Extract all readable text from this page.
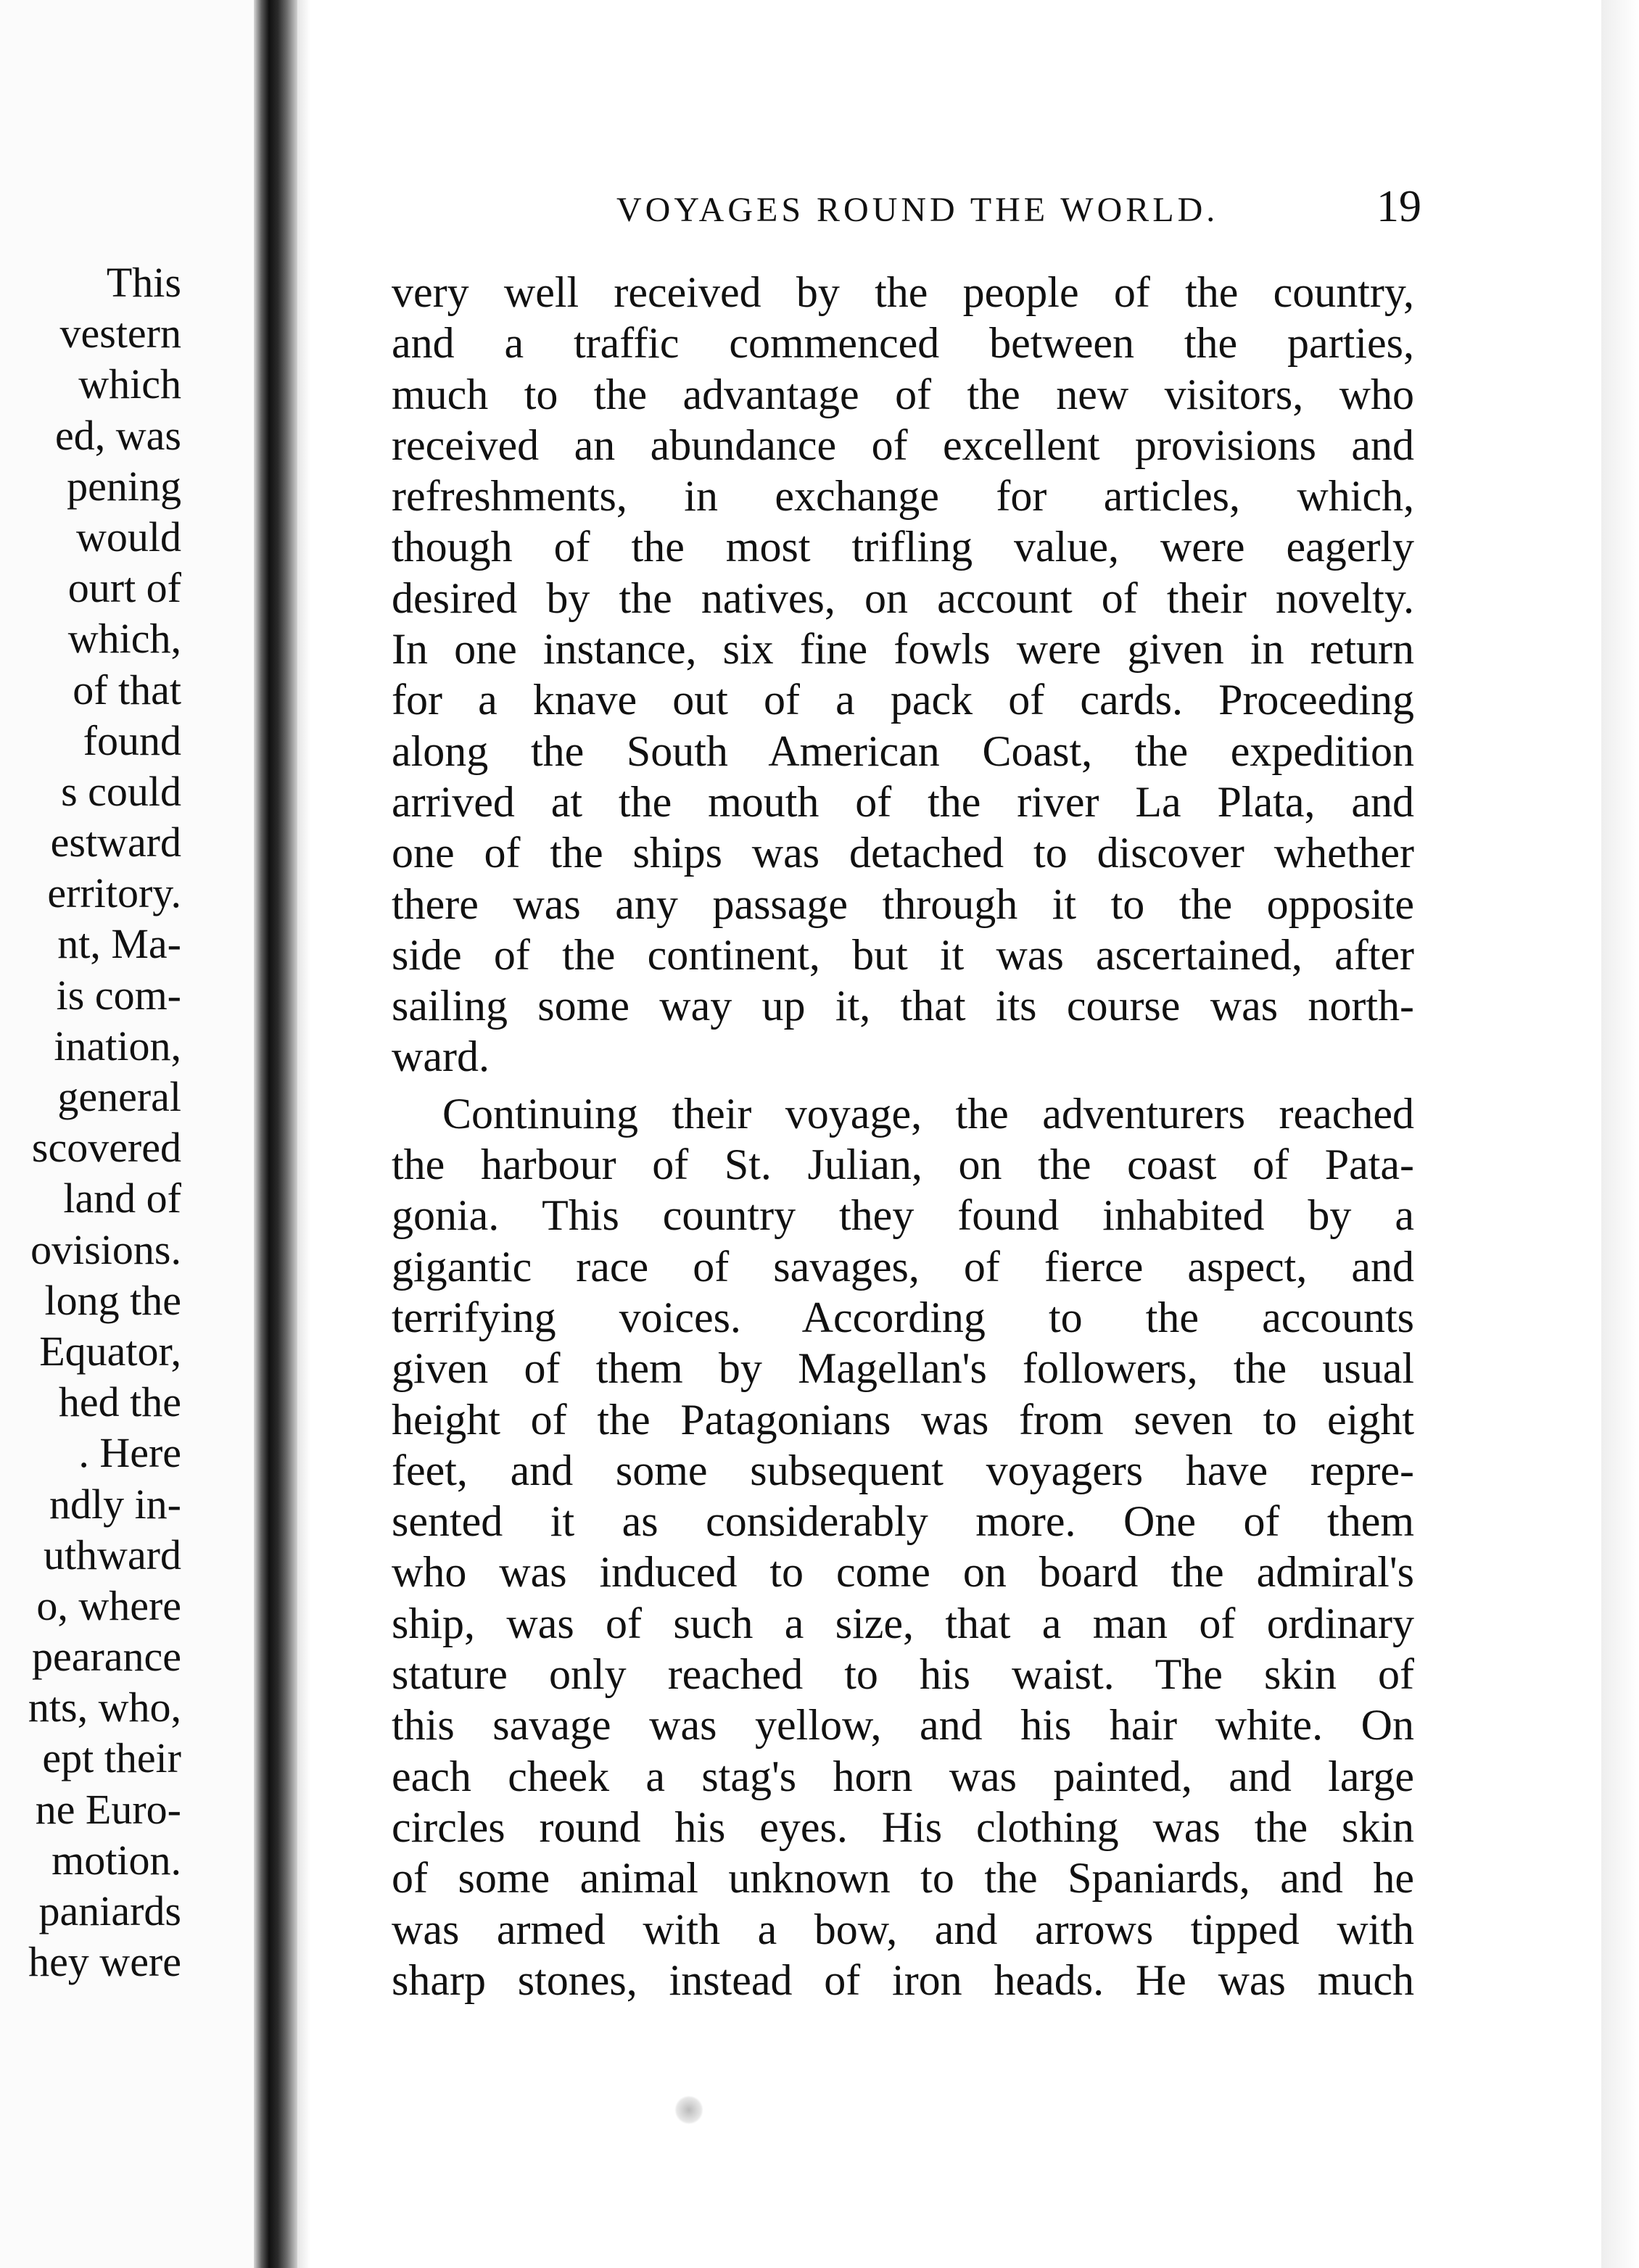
This
vestern
which
ed, was
pening
would
ourt of
which,
of that
found
s could
estward
erritory.
nt, Ma-
is com-
ination,
general
scovered
land of
ovisions.
long the
Equator,
hed the
. Here
ndly in-
uthward
o, where
pearance
nts, who,
ept their
ne Euro-
motion.
paniards
hey were
VOYAGES ROUND THE WORLD.	19
very well received by the people of the country,
and a traffic commenced between the parties,
much to the advantage of the new visitors, who
received an abundance of excellent provisions and
refreshments, in exchange for articles, which,
though of the most trifling value, were eagerly
desired by the natives, on account of their novelty.
In one instance, six fine fowls were given in return
for a knave out of a pack of cards. Proceeding
along the South American Coast, the expedition
arrived at the mouth of the river La Plata, and
one of the ships was detached to discover whether
there was any passage through it to the opposite
side of the continent, but it was ascertained, after
sailing some way up it, that its course was north-
ward.
Continuing their voyage, the adventurers reached
the harbour of St. Julian, on the coast of Pata-
gonia. This country they found inhabited by a
gigantic race of savages, of fierce aspect, and
terrifying voices. According to the accounts
given of them by Magellan's followers, the usual
height of the Patagonians was from seven to eight
feet, and some subsequent voyagers have repre-
sented it as considerably more. One of them
who was induced to come on board the admiral's
ship, was of such a size, that a man of ordinary
stature only reached to his waist. The skin of
this savage was yellow, and his hair white. On
each cheek a stag's horn was painted, and large
circles round his eyes. His clothing was the skin
of some animal unknown to the Spaniards, and he
was armed with a bow, and arrows tipped with
sharp stones, instead of iron heads. He was much
